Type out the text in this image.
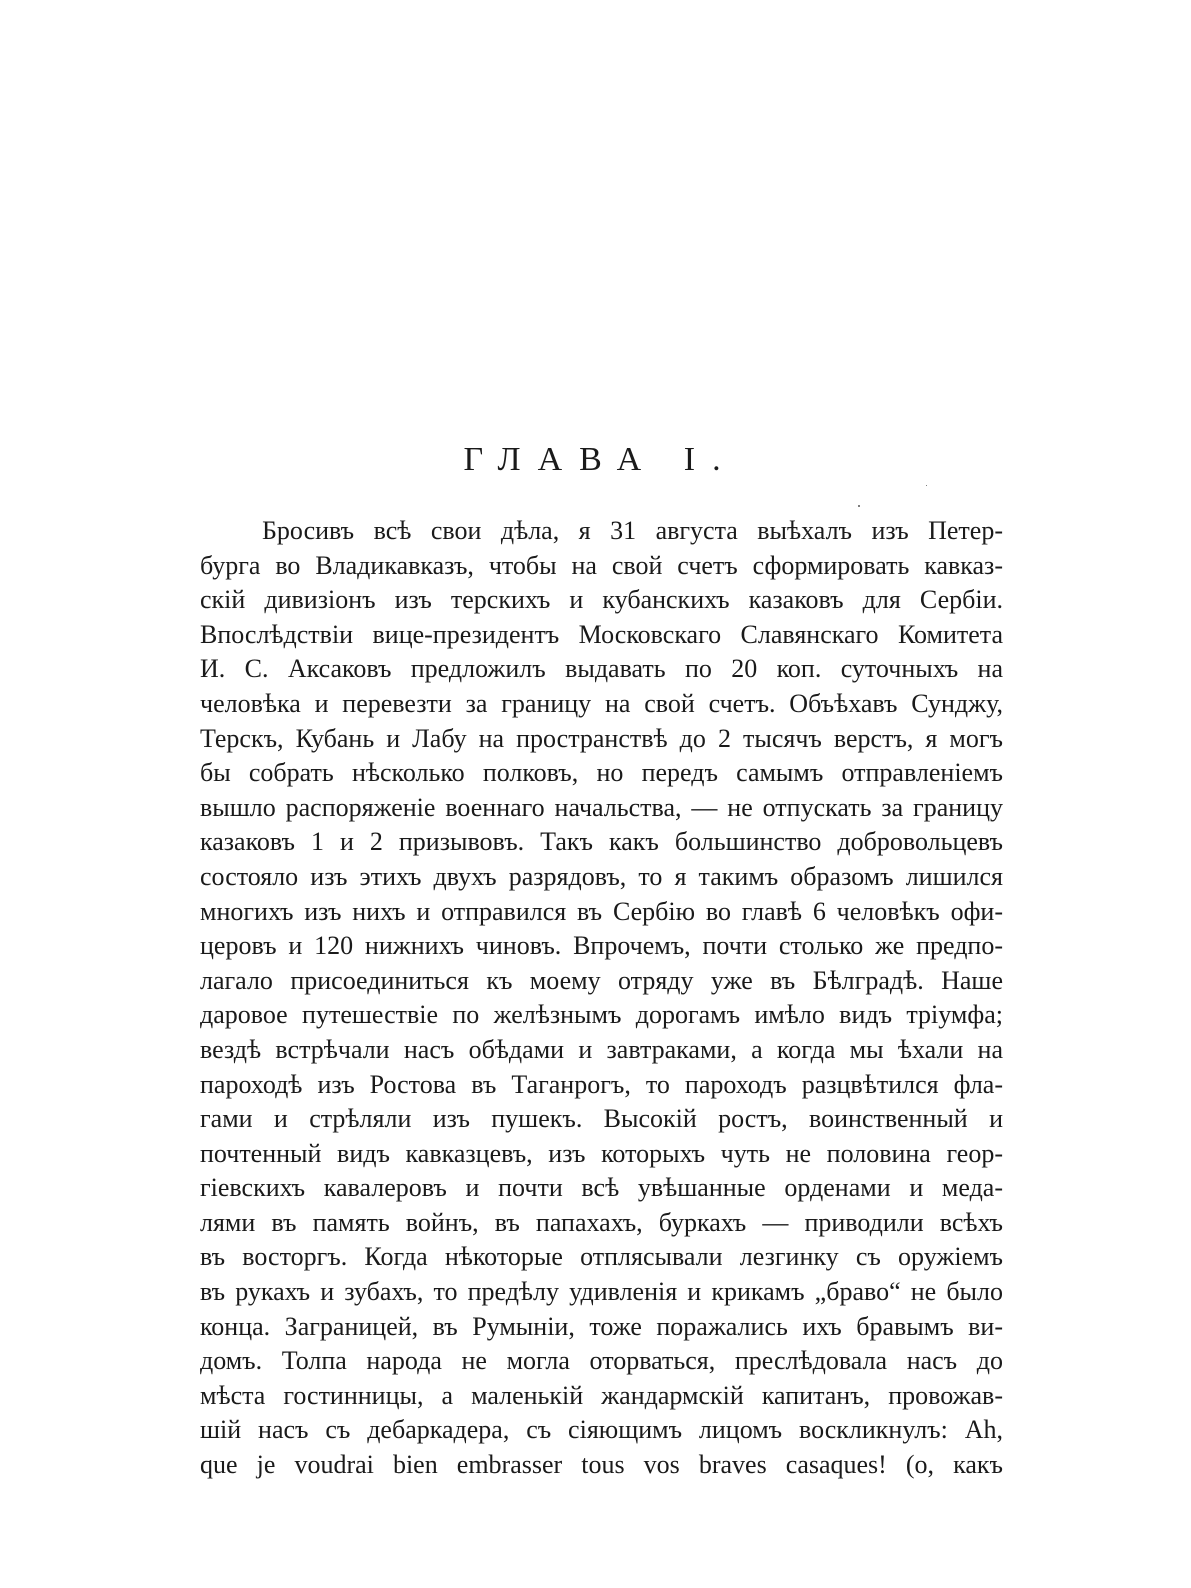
ГЛАВА I.
Бросивъ всѣ свои дѣла, я 31 августа выѣхалъ изъ Петер-
бурга во Владикавказъ, чтобы на свой счетъ сформировать кавказ-
скій дивизіонъ изъ терскихъ и кубанскихъ казаковъ для Сербіи.
Впослѣдствіи вице-президентъ Московскаго Славянскаго Комитета
И. С. Аксаковъ предложилъ выдавать по 20 коп. суточныхъ на
человѣка и перевезти за границу на свой счетъ. Объѣхавъ Сунджу,
Терскъ, Кубань и Лабу на пространствѣ до 2 тысячъ верстъ, я могъ
бы собрать нѣсколько полковъ, но передъ самымъ отправленіемъ
вышло распоряженіе военнаго начальства, — не отпускать за границу
казаковъ 1 и 2 призывовъ. Такъ какъ большинство добровольцевъ
состояло изъ этихъ двухъ разрядовъ, то я такимъ образомъ лишился
многихъ изъ нихъ и отправился въ Сербію во главѣ 6 человѣкъ офи-
церовъ и 120 нижнихъ чиновъ. Впрочемъ, почти столько же предпо-
лагало присоединиться къ моему отряду уже въ Бѣлградѣ. Наше
даровое путешествіе по желѣзнымъ дорогамъ имѣло видъ тріумфа;
вездѣ встрѣчали насъ обѣдами и завтраками, а когда мы ѣхали на
пароходѣ изъ Ростова въ Таганрогъ, то пароходъ разцвѣтился фла-
гами и стрѣляли изъ пушекъ. Высокій ростъ, воинственный и
почтенный видъ кавказцевъ, изъ которыхъ чуть не половина геор-
гіевскихъ кавалеровъ и почти всѣ увѣшанные орденами и меда-
лями въ память войнъ, въ папахахъ, буркахъ — приводили всѣхъ
въ восторгъ. Когда нѣкоторые отплясывали лезгинку съ оружіемъ
въ рукахъ и зубахъ, то предѣлу удивленія и крикамъ „браво“ не было
конца. Заграницей, въ Румыніи, тоже поражались ихъ бравымъ ви-
домъ. Толпа народа не могла оторваться, преслѣдовала насъ до
мѣста гостинницы, а маленькій жандармскій капитанъ, провожав-
шій насъ съ дебаркадера, съ сіяющимъ лицомъ воскликнулъ: Ah,
que je voudrai bien embrasser tous vos braves casaques! (о, какъ
